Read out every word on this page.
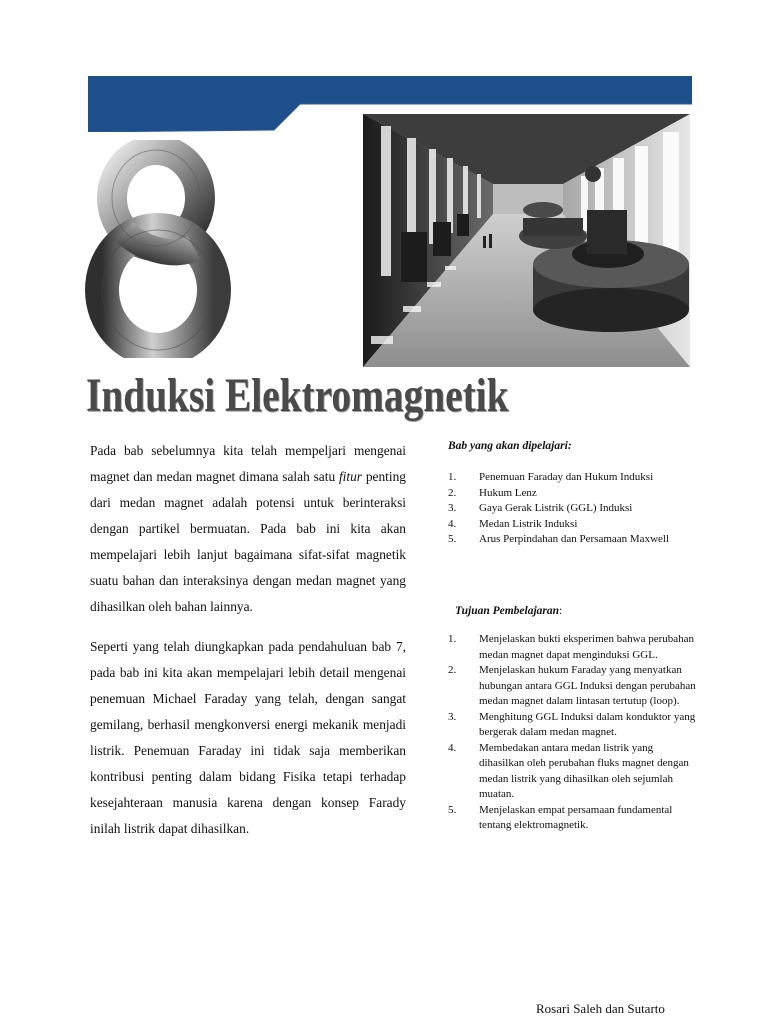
Induksi Elektromagnetik

Pada bab sebelumnya kita telah mempeljari mengenai magnet dan medan magnet dimana salah satu fitur penting dari medan magnet adalah potensi untuk berinteraksi dengan partikel bermuatan. Pada bab ini kita akan mempelajari lebih lanjut bagaimana sifat-sifat magnetik suatu bahan dan interaksinya dengan medan magnet yang dihasilkan oleh bahan lainnya.

Seperti yang telah diungkapkan pada pendahuluan bab 7, pada bab ini kita akan mempelajari lebih detail mengenai penemuan Michael Faraday yang telah, dengan sangat gemilang, berhasil mengkonversi energi mekanik menjadi listrik. Penemuan Faraday ini tidak saja memberikan kontribusi penting dalam bidang Fisika tetapi terhadap kesejahteraan manusia karena dengan konsep Farady inilah listrik dapat dihasilkan.

Bab yang akan dipelajari:

1.	Penemuan Faraday dan Hukum Induksi
2.	Hukum Lenz
3.	Gaya Gerak Listrik (GGL) Induksi
4.	Medan Listrik Induksi
5.	Arus Perpindahan dan Persamaan Maxwell

Tujuan Pembelajaran:

1.	Menjelaskan bukti eksperimen bahwa perubahan medan magnet dapat menginduksi GGL.
2.	Menjelaskan hukum Faraday yang menyatkan hubungan antara GGL Induksi dengan perubahan medan magnet dalam lintasan tertutup (loop).
3.	Menghitung GGL Induksi dalam konduktor yang bergerak dalam medan magnet.
4.	Membedakan antara medan listrik yang dihasilkan oleh perubahan fluks magnet dengan medan listrik yang dihasilkan oleh sejumlah muatan.
5.	Menjelaskan empat persamaan fundamental tentang elektromagnetik.
Rosari Saleh dan Sutarto
